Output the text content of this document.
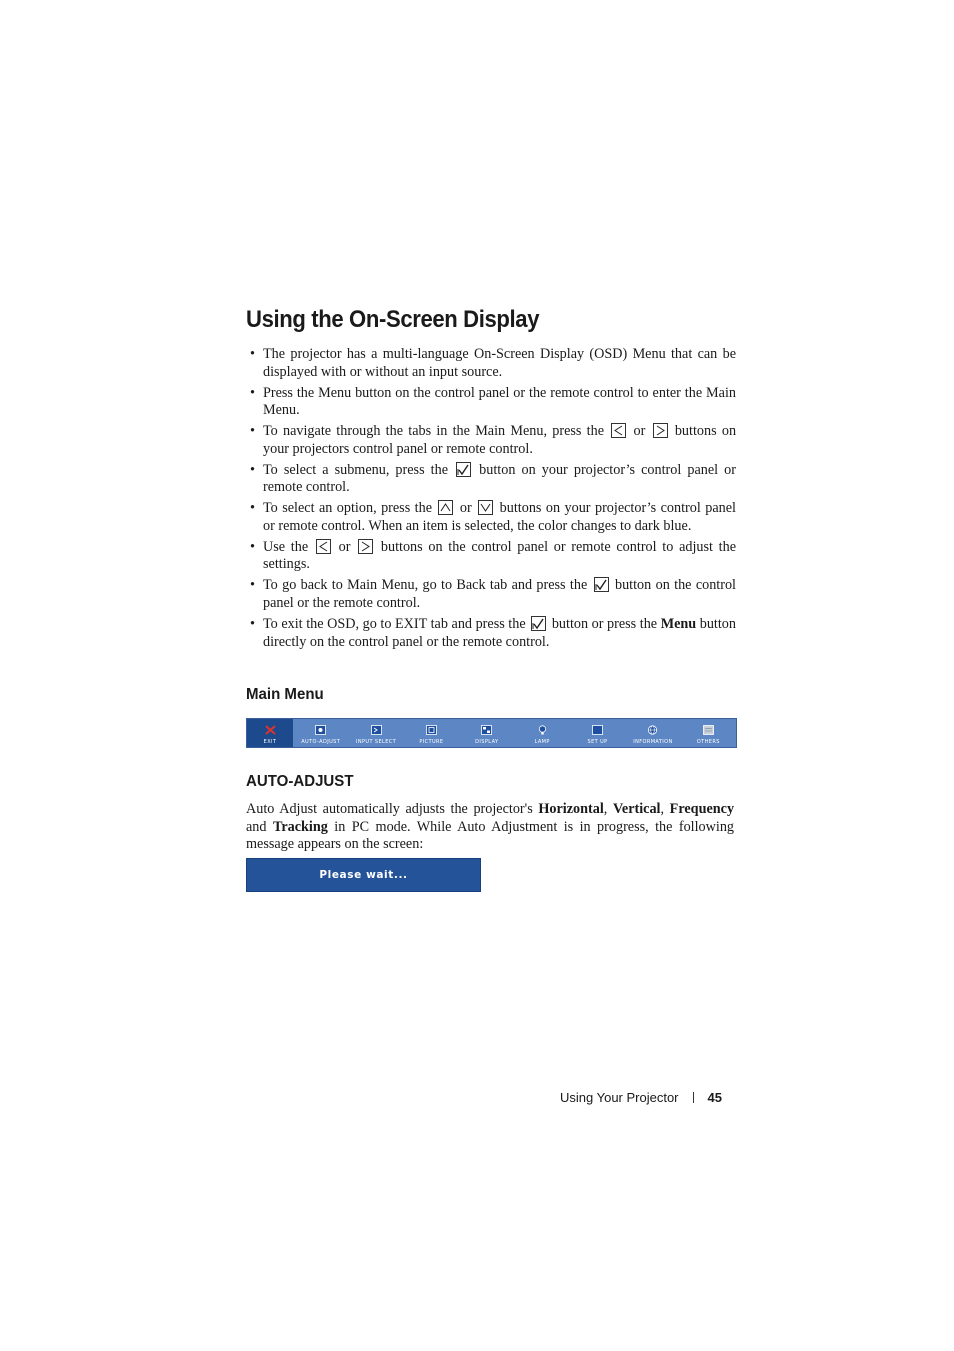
Using the On-Screen Display
• The projector has a multi-language On-Screen Display (OSD) Menu that can be displayed with or without an input source.
• Press the Menu button on the control panel or the remote control to enter the Main Menu.
• To navigate through the tabs in the Main Menu, press the or buttons on your projectors control panel or remote control.
• To select a submenu, press the button on your projector’s control panel or remote control.
• To select an option, press the or buttons on your projector’s control panel or remote control. When an item is selected, the color changes to dark blue.
• Use the or buttons on the control panel or remote control to adjust the settings.
• To go back to Main Menu, go to Back tab and press the button on the control panel or the remote control.
• To exit the OSD, go to EXIT tab and press the button or press the Menu button directly on the control panel or the remote control.
Main Menu
EXIT	AUTO-ADJUST	INPUT SELECT	PICTURE	DISPLAY	LAMP	SET UP	INFORMATION	OTHERS
AUTO-ADJUST
Auto Adjust automatically adjusts the projector's Horizontal, Vertical, Frequency and Tracking in PC mode. While Auto Adjustment is in progress, the following message appears on the screen:
Please wait...
Using Your Projector 45
